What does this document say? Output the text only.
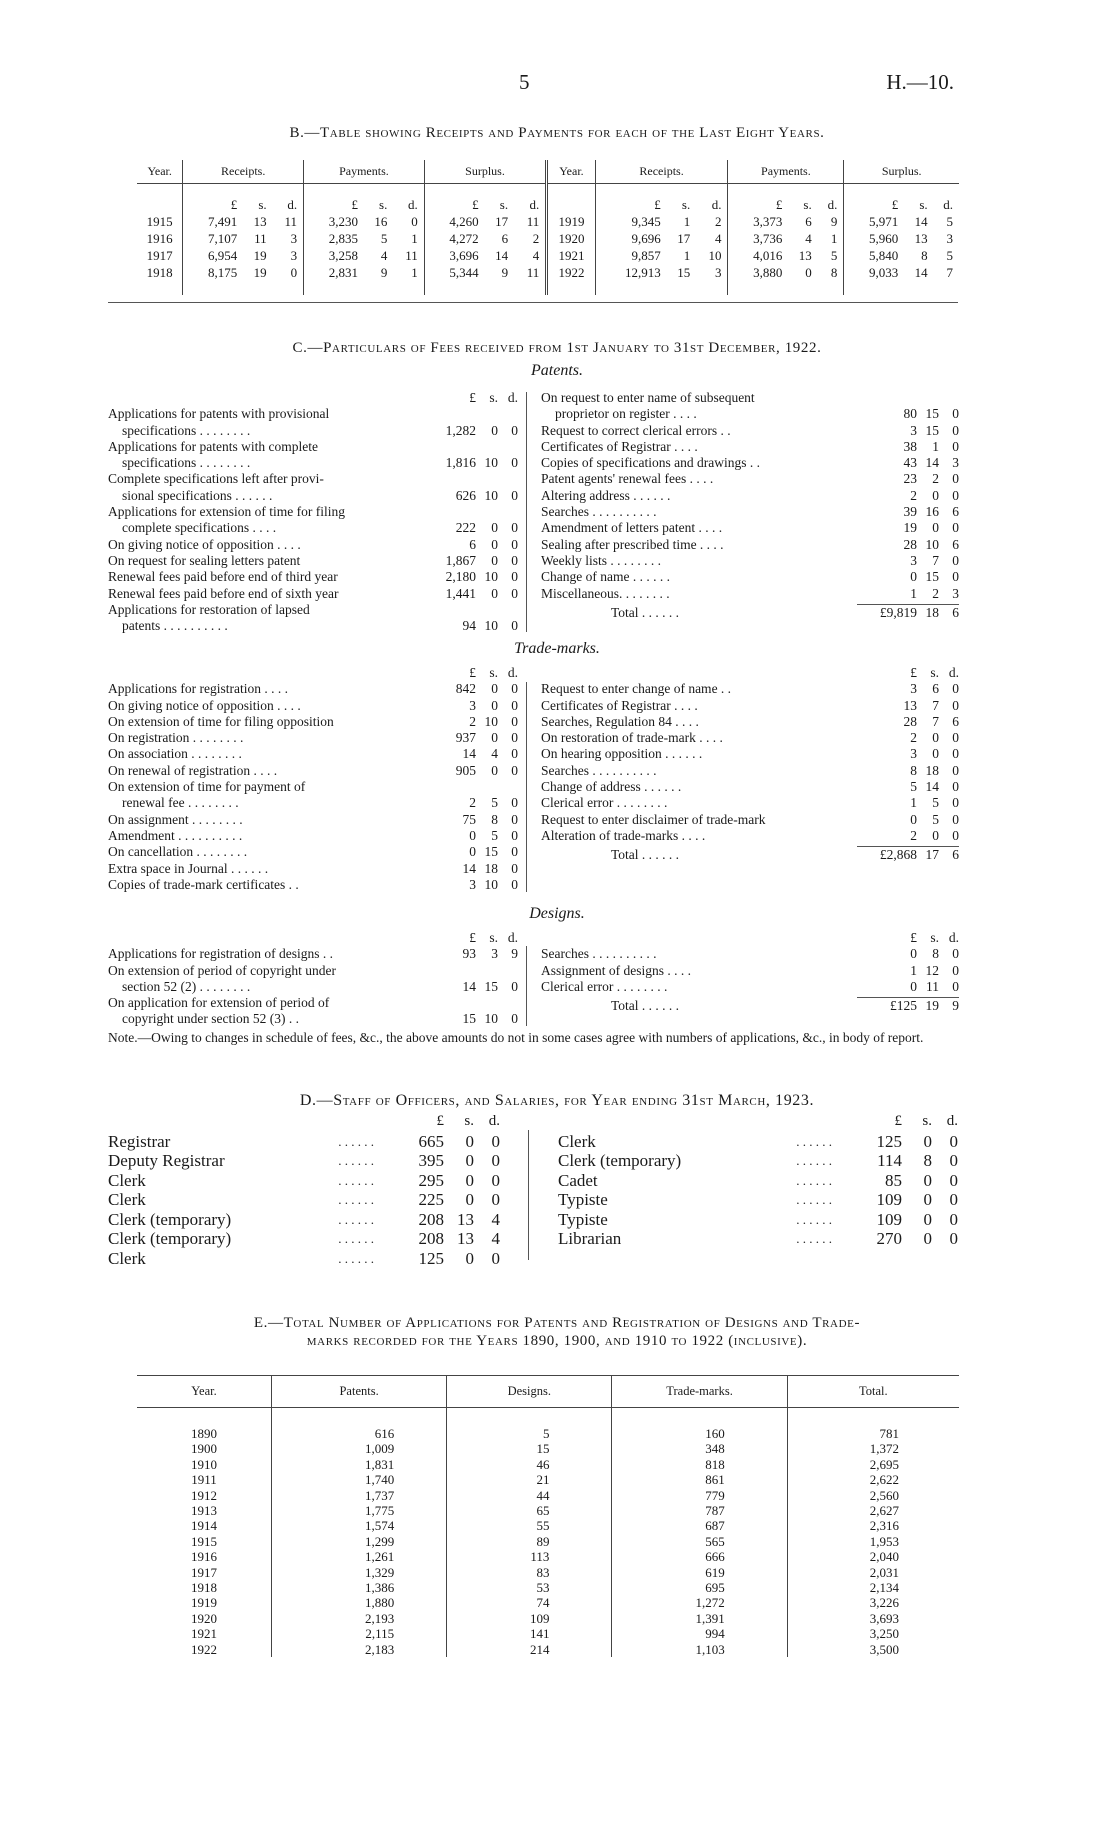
5	H.—10.
B.—Table showing Receipts and Payments for each of the Last Eight Years.
Year.	Receipts.			Payments.			Surplus.			Year.	Receipts.			Payments.			Surplus.		
	£	s.	d.	£	s.	d.	£	s.	d.		£	s.	d.	£	s.	d.	£	s.	d.
1915	7,491	13	11	3,230	16	0	4,260	17	11	1919	9,345	1	2	3,373	6	9	5,971	14	5
1916	7,107	11	3	2,835	5	1	4,272	6	2	1920	9,696	17	4	3,736	4	1	5,960	13	3
1917	6,954	19	3	3,258	4	11	3,696	14	4	1921	9,857	1	10	4,016	13	5	5,840	8	5
1918	8,175	19	0	2,831	9	1	5,344	9	11	1922	12,913	15	3	3,880	0	8	9,033	14	7

C.—Particulars of Fees received from 1st January to 31st December, 1922.
Patents.
£ s. d.
Applications for patents with provisional
specifications . . . . . . . .	1,282	0 0
Applications for patents with complete
specifications . . . . . . . .	1,816 10 0
Complete specifications left after provi-
sional specifications . . . . . .	626 10 0
Applications for extension of time for filing
complete specifications . . . .	222	0 0
On giving notice of opposition . . . .	6	0 0
On request for sealing letters patent	1,867	0 0
Renewal fees paid before end of third year	2,180 10 0
Renewal fees paid before end of sixth year	1,441	0 0
Applications for restoration of lapsed
patents . . . . . . . . . .	94 10 0
On request to enter name of subsequent
proprietor on register . . . .	80 15 0
Request to correct clerical errors . .	3 15 0
Certificates of Registrar . . . .	38	1 0
Copies of specifications and drawings . .	43 14 3
Patent agents' renewal fees . . . .	23	2 0
Altering address . . . . . .	2	0 0
Searches . . . . . . . . . .	39 16 6
Amendment of letters patent . . . .	19	0 0
Sealing after prescribed time . . . .	28 10 6
Weekly lists . . . . . . . .	3	7 0
Change of name . . . . . .	0 15 0
Miscellaneous. . . . . . . .	1	2 3
Total . . . . . .	£9,819 18 6
Trade-marks.
£ s. d.
Applications for registration . . . .	842	0 0
On giving notice of opposition . . . .	3	0 0
On extension of time for filing opposition	2 10 0
On registration . . . . . . . .	937	0 0
On association . . . . . . . .	14	4 0
On renewal of registration . . . .	905	0 0
On extension of time for payment of
renewal fee . . . . . . . .	2	5 0
On assignment . . . . . . . .	75	8 0
Amendment . . . . . . . . . .	0	5 0
On cancellation . . . . . . . .	0 15 0
Extra space in Journal . . . . . .	14 18 0
Copies of trade-mark certificates . .	3 10 0
£ s. d.
Request to enter change of name . .	3	6 0
Certificates of Registrar . . . .	13	7 0
Searches, Regulation 84 . . . .	28	7 6
On restoration of trade-mark . . . .	2	0 0
On hearing opposition . . . . . .	3	0 0
Searches . . . . . . . . . .	8 18 0
Change of address . . . . . .	5 14 0
Clerical error . . . . . . . .	1	5 0
Request to enter disclaimer of trade-mark	0	5 0
Alteration of trade-marks . . . .	2	0 0
Total . . . . . .	£2,868 17 6
Designs.
£ s. d.
Applications for registration of designs . .	93	3 9
On extension of period of copyright under
section 52 (2) . . . . . . . .	14 15 0
On application for extension of period of
copyright under section 52 (3) . .	15 10 0
£ s. d.
Searches . . . . . . . . . .	0	8 0
Assignment of designs . . . .	1 12 0
Clerical error . . . . . . . .	0 11 0
Total . . . . . .	£125 19 9
Note.—Owing to changes in schedule of fees, &c., the above amounts do not in some cases agree with numbers of applications, &c., in body of report.
D.—Staff of Officers, and Salaries, for Year ending 31st March, 1923.
£	s. d.
Registrar	. . . . . .	665	0	0
Deputy Registrar	. . . . . .	395	0	0
Clerk	. . . . . .	295	0	0
Clerk	. . . . . .	225	0	0
Clerk (temporary)	. . . . . .	208 13	4
Clerk (temporary)	. . . . . .	208 13	4
Clerk	. . . . . .	125	0	0
£	s. d.
Clerk	. . . . . .	125	0	0
Clerk (temporary)	. . . . . .	114	8	0
Cadet	. . . . . .	85	0	0
Typiste	. . . . . .	109	0	0
Typiste	. . . . . .	109	0	0
Librarian	. . . . . .	270	0	0
E.—Total Number of Applications for Patents and Registration of Designs and Trade-
marks recorded for the Years 1890, 1900, and 1910 to 1922 (inclusive).
Year.	Patents.	Designs.	Trade-marks.	Total.

1890	616	5	160	781
1900	1,009	15	348	1,372
1910	1,831	46	818	2,695
1911	1,740	21	861	2,622
1912	1,737	44	779	2,560
1913	1,775	65	787	2,627
1914	1,574	55	687	2,316
1915	1,299	89	565	1,953
1916	1,261	113	666	2,040
1917	1,329	83	619	2,031
1918	1,386	53	695	2,134
1919	1,880	74	1,272	3,226
1920	2,193	109	1,391	3,693
1921	2,115	141	994	3,250
1922	2,183	214	1,103	3,500
